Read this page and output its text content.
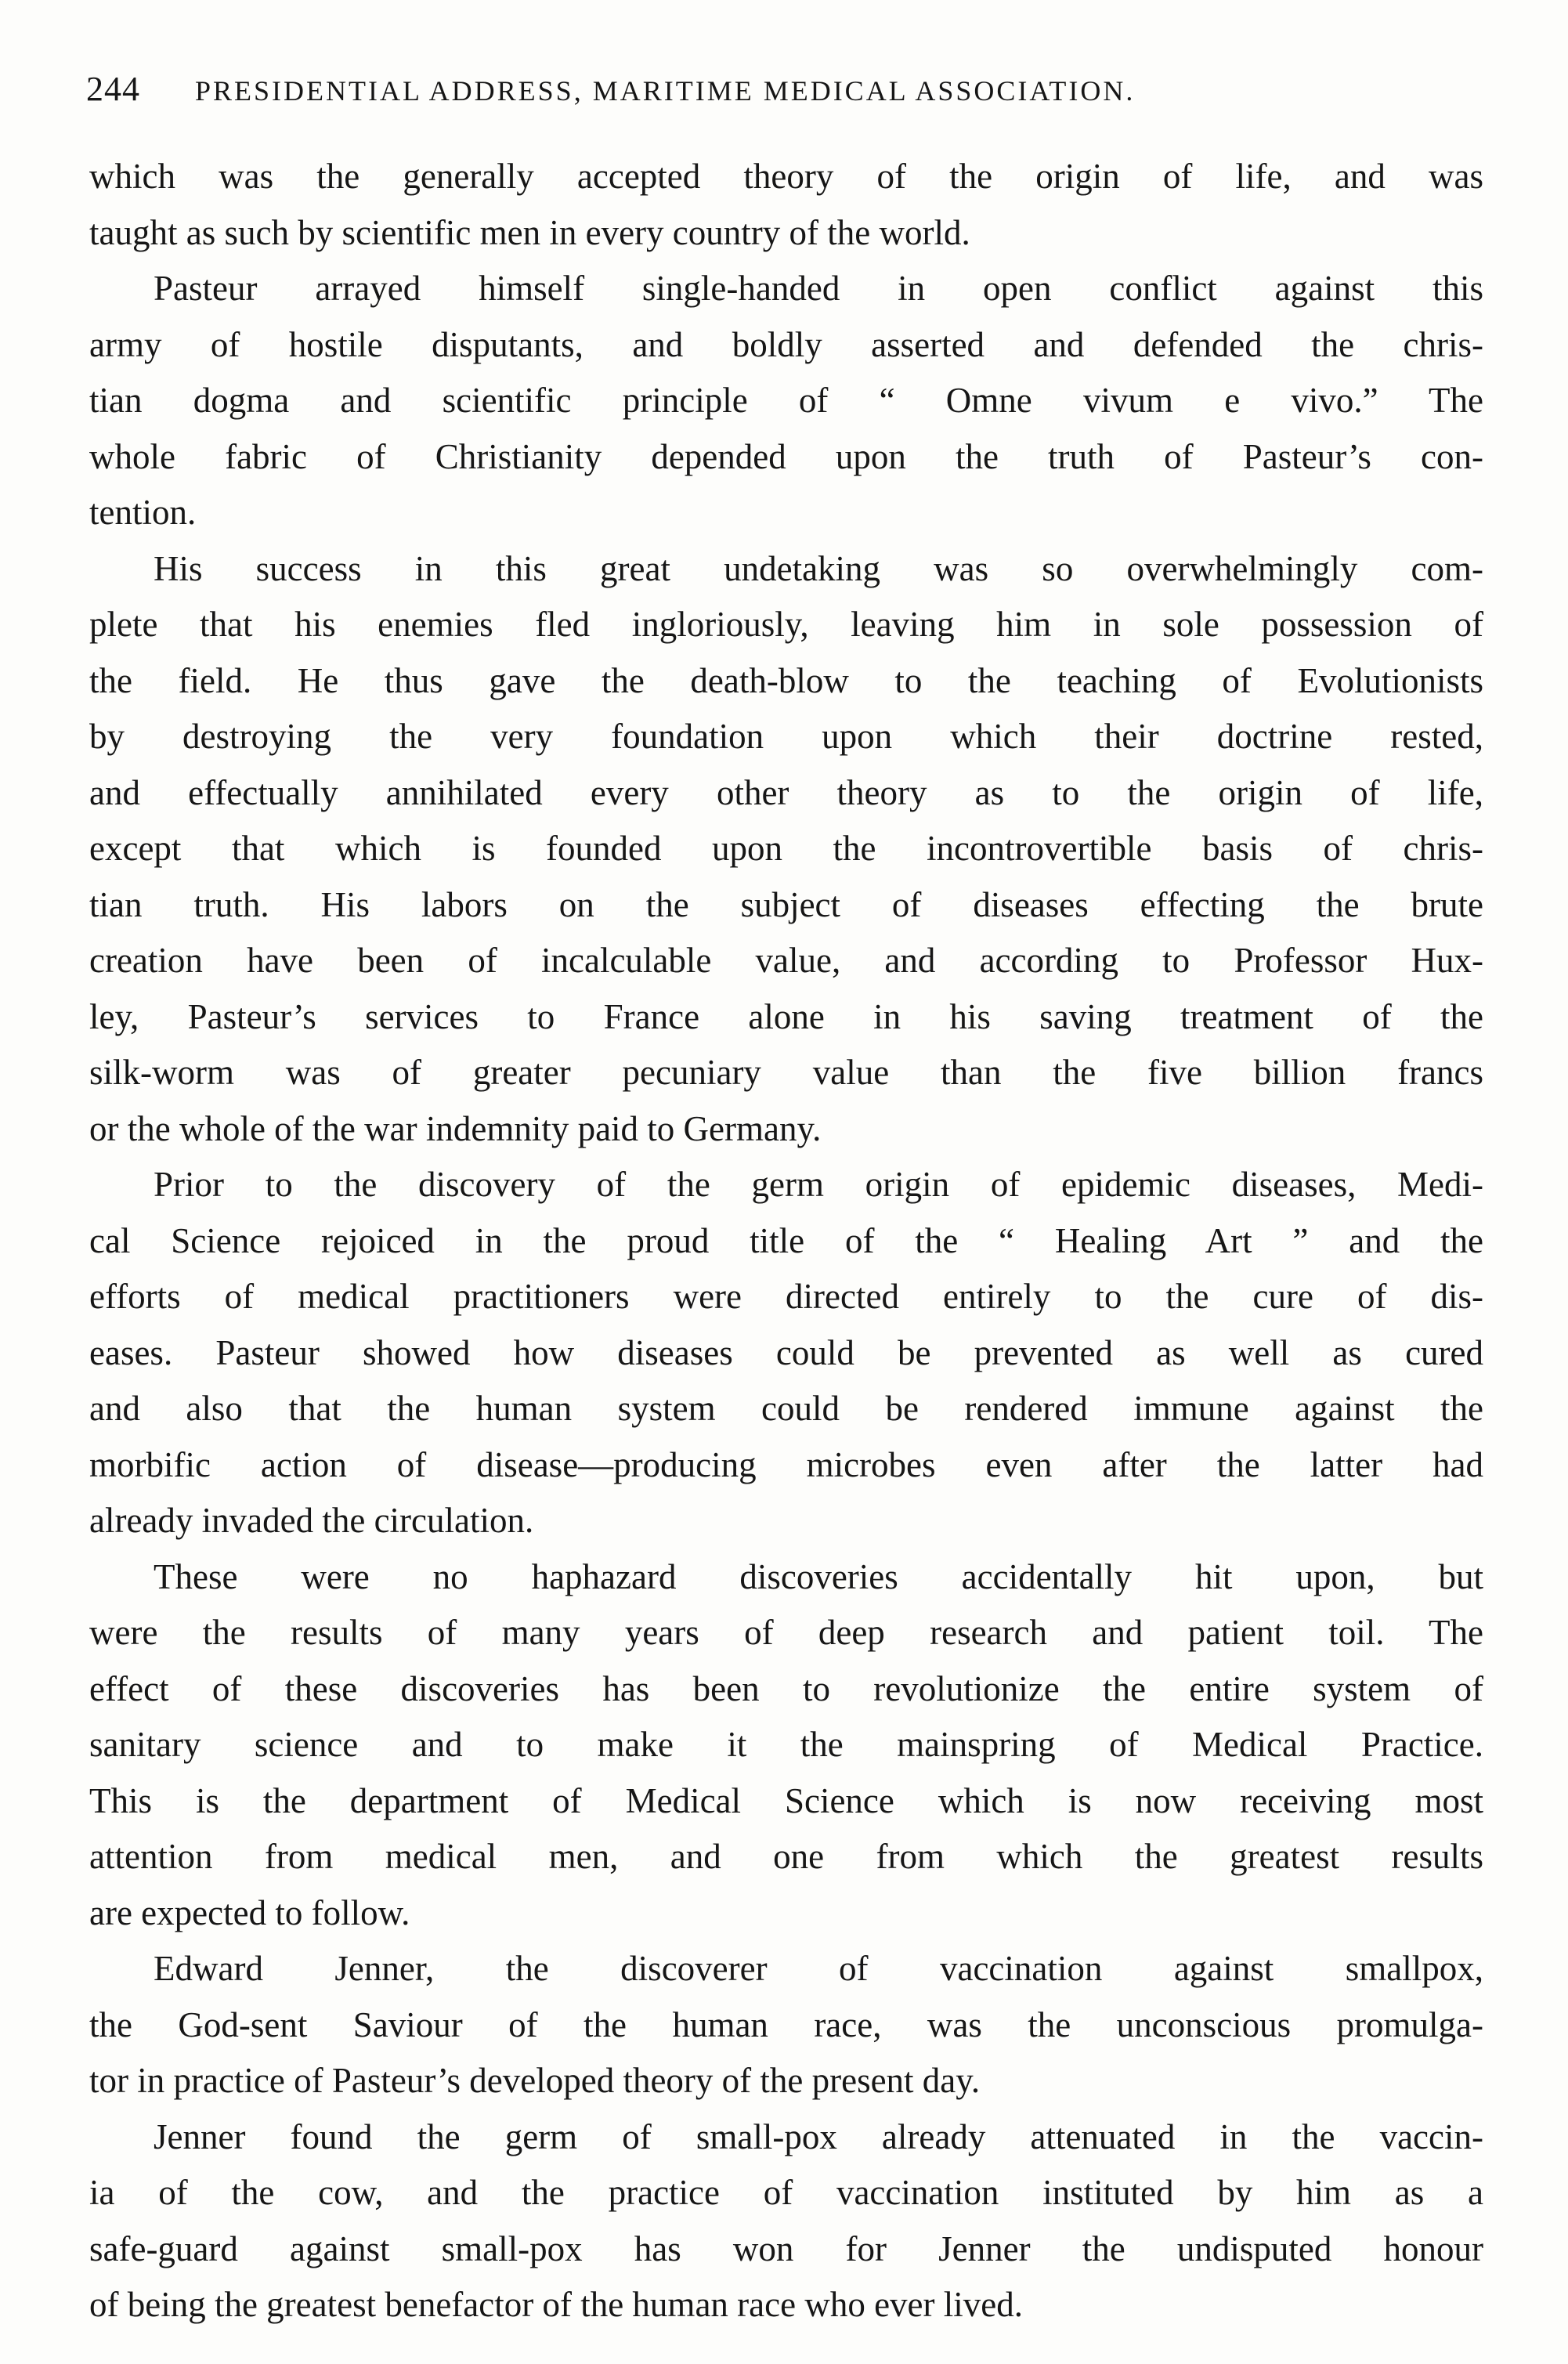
244 PRESIDENTIAL ADDRESS, MARITIME MEDICAL ASSOCIATION.
which was the generally accepted theory of the origin of life, and was
taught as such by scientific men in every country of the world.
Pasteur arrayed himself single-handed in open conflict against this
army of hostile disputants, and boldly asserted and defended the chris-
tian dogma and scientific principle of “ Omne vivum e vivo.” The
whole fabric of Christianity depended upon the truth of Pasteur’s con-
tention.
His success in this great undetaking was so overwhelmingly com-
plete that his enemies fled ingloriously, leaving him in sole possession of
the field. He thus gave the death-blow to the teaching of Evolutionists
by destroying the very foundation upon which their doctrine rested,
and effectually annihilated every other theory as to the origin of life,
except that which is founded upon the incontrovertible basis of chris-
tian truth. His labors on the subject of diseases effecting the brute
creation have been of incalculable value, and according to Professor Hux-
ley, Pasteur’s services to France alone in his saving treatment of the
silk-worm was of greater pecuniary value than the five billion francs
or the whole of the war indemnity paid to Germany.
Prior to the discovery of the germ origin of epidemic diseases, Medi-
cal Science rejoiced in the proud title of the “ Healing Art ” and the
efforts of medical practitioners were directed entirely to the cure of dis-
eases. Pasteur showed how diseases could be prevented as well as cured
and also that the human system could be rendered immune against the
morbific action of disease—producing microbes even after the latter had
already invaded the circulation.
These were no haphazard discoveries accidentally hit upon, but
were the results of many years of deep research and patient toil. The
effect of these discoveries has been to revolutionize the entire system of
sanitary science and to make it the mainspring of Medical Practice.
This is the department of Medical Science which is now receiving most
attention from medical men, and one from which the greatest results
are expected to follow.
Edward Jenner, the discoverer of vaccination against smallpox,
the God-sent Saviour of the human race, was the unconscious promulga-
tor in practice of Pasteur’s developed theory of the present day.
Jenner found the germ of small-pox already attenuated in the vaccin-
ia of the cow, and the practice of vaccination instituted by him as a
safe-guard against small-pox has won for Jenner the undisputed honour
of being the greatest benefactor of the human race who ever lived.
